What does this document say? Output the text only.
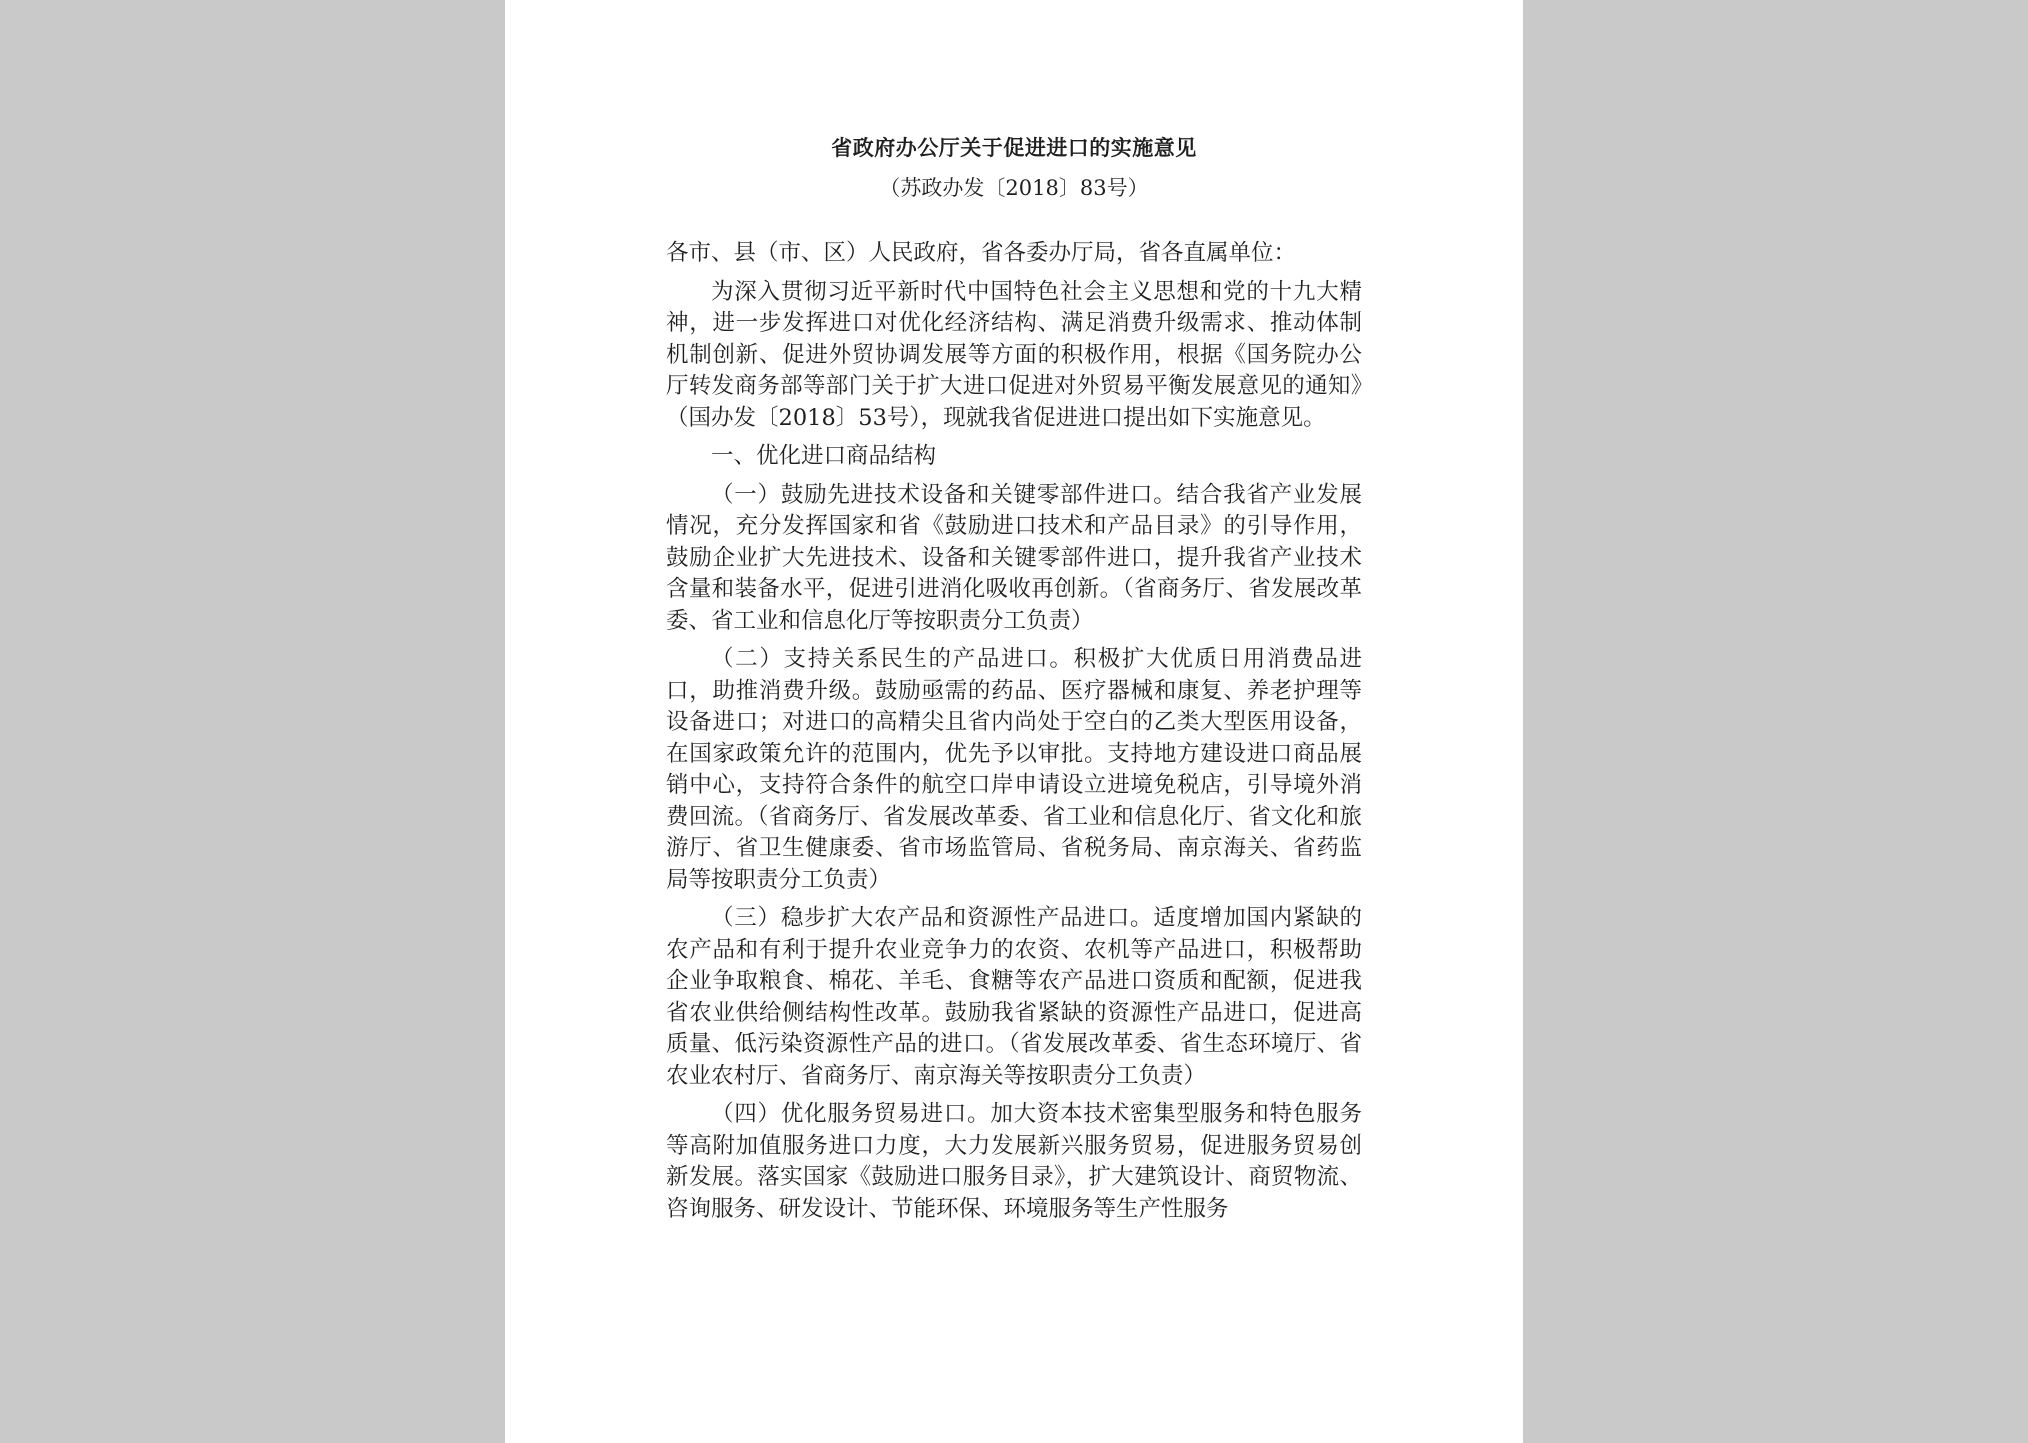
省政府办公厅关于促进进口的实施意见
（苏政办发〔2018〕83号）

各市、县（市、区）人民政府，省各委办厅局，省各直属单位：

为深入贯彻习近平新时代中国特色社会主义思想和党的十九大精神，进一步发挥进口对优化经济结构、满足消费升级需求、推动体制机制创新、促进外贸协调发展等方面的积极作用，根据《国务院办公厅转发商务部等部门关于扩大进口促进对外贸易平衡发展意见的通知》（国办发〔2018〕53号），现就我省促进进口提出如下实施意见。

一、优化进口商品结构

（一）鼓励先进技术设备和关键零部件进口。结合我省产业发展情况，充分发挥国家和省《鼓励进口技术和产品目录》的引导作用，鼓励企业扩大先进技术、设备和关键零部件进口，提升我省产业技术含量和装备水平，促进引进消化吸收再创新。（省商务厅、省发展改革委、省工业和信息化厅等按职责分工负责）

（二）支持关系民生的产品进口。积极扩大优质日用消费品进口，助推消费升级。鼓励亟需的药品、医疗器械和康复、养老护理等设备进口；对进口的高精尖且省内尚处于空白的乙类大型医用设备，在国家政策允许的范围内，优先予以审批。支持地方建设进口商品展销中心，支持符合条件的航空口岸申请设立进境免税店，引导境外消费回流。（省商务厅、省发展改革委、省工业和信息化厅、省文化和旅游厅、省卫生健康委、省市场监管局、省税务局、南京海关、省药监局等按职责分工负责）

（三）稳步扩大农产品和资源性产品进口。适度增加国内紧缺的农产品和有利于提升农业竞争力的农资、农机等产品进口，积极帮助企业争取粮食、棉花、羊毛、食糖等农产品进口资质和配额，促进我省农业供给侧结构性改革。鼓励我省紧缺的资源性产品进口，促进高质量、低污染资源性产品的进口。（省发展改革委、省生态环境厅、省农业农村厅、省商务厅、南京海关等按职责分工负责）

（四）优化服务贸易进口。加大资本技术密集型服务和特色服务等高附加值服务进口力度，大力发展新兴服务贸易，促进服务贸易创新发展。落实国家《鼓励进口服务目录》，扩大建筑设计、商贸物流、咨询服务、研发设计、节能环保、环境服务等生产性服务
